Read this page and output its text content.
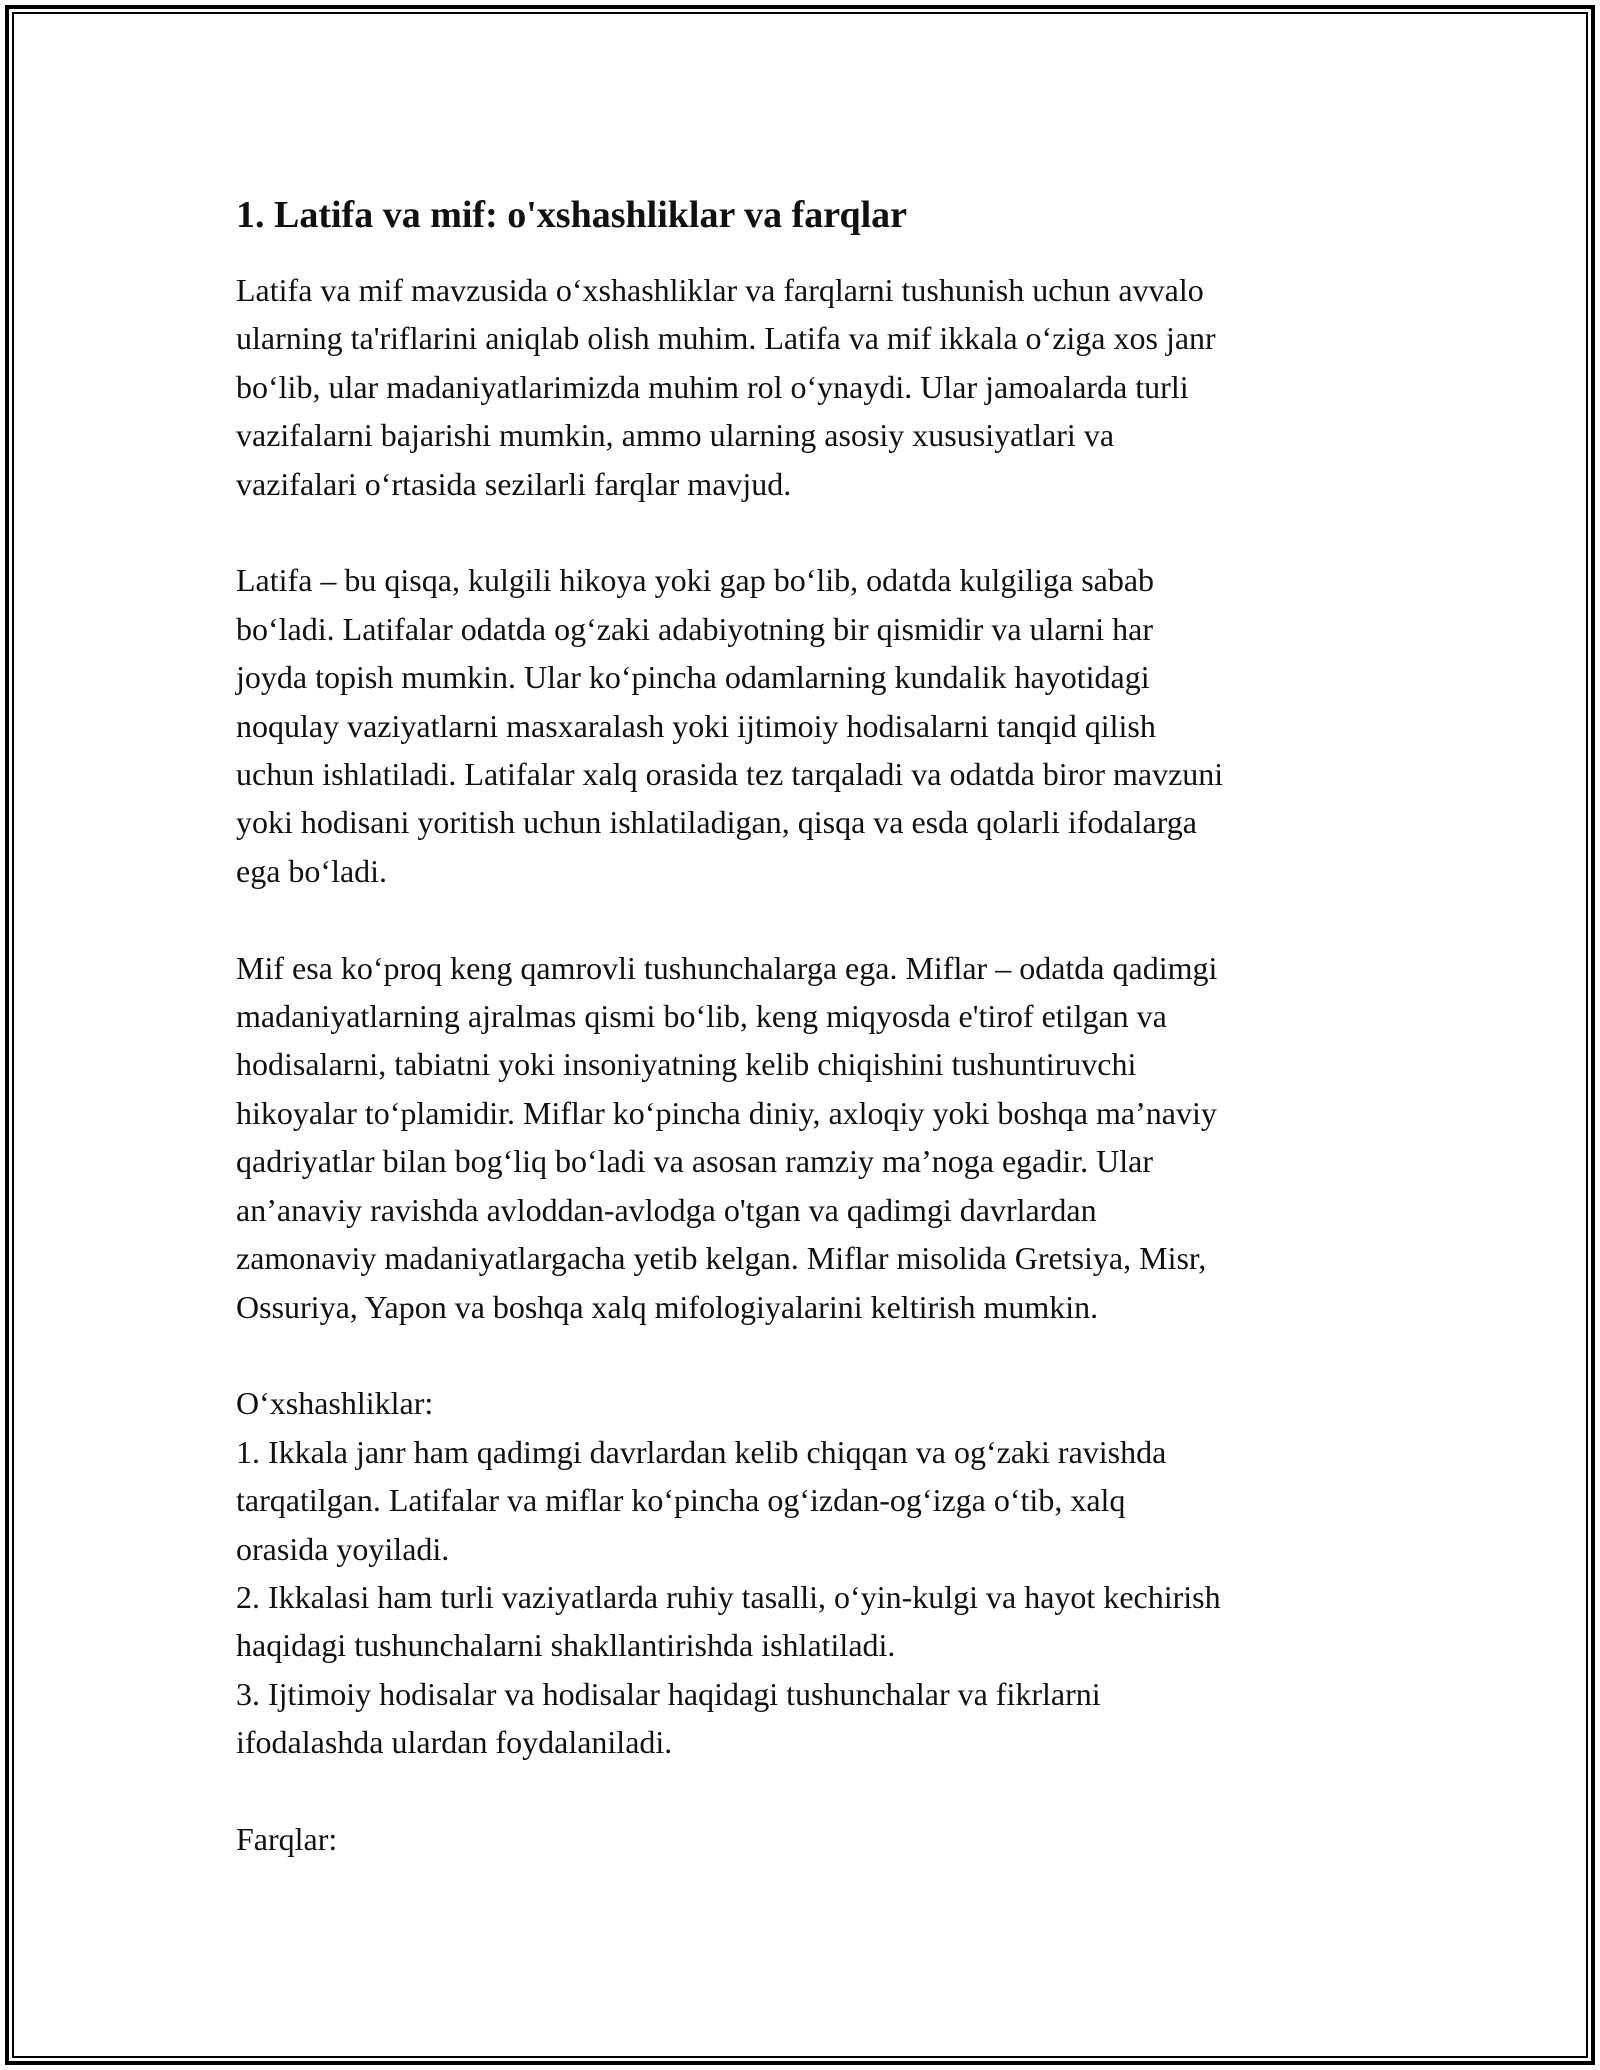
1. Latifa va mif: o'xshashliklar va farqlar
Latifa va mif mavzusida o‘xshashliklar va farqlarni tushunish uchun avvalo
ularning ta'riflarini aniqlab olish muhim. Latifa va mif ikkala o‘ziga xos janr
bo‘lib, ular madaniyatlarimizda muhim rol o‘ynaydi. Ular jamoalarda turli
vazifalarni bajarishi mumkin, ammo ularning asosiy xususiyatlari va
vazifalari o‘rtasida sezilarli farqlar mavjud.
Latifa – bu qisqa, kulgili hikoya yoki gap bo‘lib, odatda kulgiliga sabab
bo‘ladi. Latifalar odatda og‘zaki adabiyotning bir qismidir va ularni har
joyda topish mumkin. Ular ko‘pincha odamlarning kundalik hayotidagi
noqulay vaziyatlarni masxaralash yoki ijtimoiy hodisalarni tanqid qilish
uchun ishlatiladi. Latifalar xalq orasida tez tarqaladi va odatda biror mavzuni
yoki hodisani yoritish uchun ishlatiladigan, qisqa va esda qolarli ifodalarga
ega bo‘ladi.
Mif esa ko‘proq keng qamrovli tushunchalarga ega. Miflar – odatda qadimgi
madaniyatlarning ajralmas qismi bo‘lib, keng miqyosda e'tirof etilgan va
hodisalarni, tabiatni yoki insoniyatning kelib chiqishini tushuntiruvchi
hikoyalar to‘plamidir. Miflar ko‘pincha diniy, axloqiy yoki boshqa ma’naviy
qadriyatlar bilan bog‘liq bo‘ladi va asosan ramziy ma’noga egadir. Ular
an’anaviy ravishda avloddan-avlodga o'tgan va qadimgi davrlardan
zamonaviy madaniyatlargacha yetib kelgan. Miflar misolida Gretsiya, Misr,
Ossuriya, Yapon va boshqa xalq mifologiyalarini keltirish mumkin.
O‘xshashliklar:
1. Ikkala janr ham qadimgi davrlardan kelib chiqqan va og‘zaki ravishda
tarqatilgan. Latifalar va miflar ko‘pincha og‘izdan-og‘izga o‘tib, xalq
orasida yoyiladi.
2. Ikkalasi ham turli vaziyatlarda ruhiy tasalli, o‘yin-kulgi va hayot kechirish
haqidagi tushunchalarni shakllantirishda ishlatiladi.
3. Ijtimoiy hodisalar va hodisalar haqidagi tushunchalar va fikrlarni
ifodalashda ulardan foydalaniladi.
Farqlar:
